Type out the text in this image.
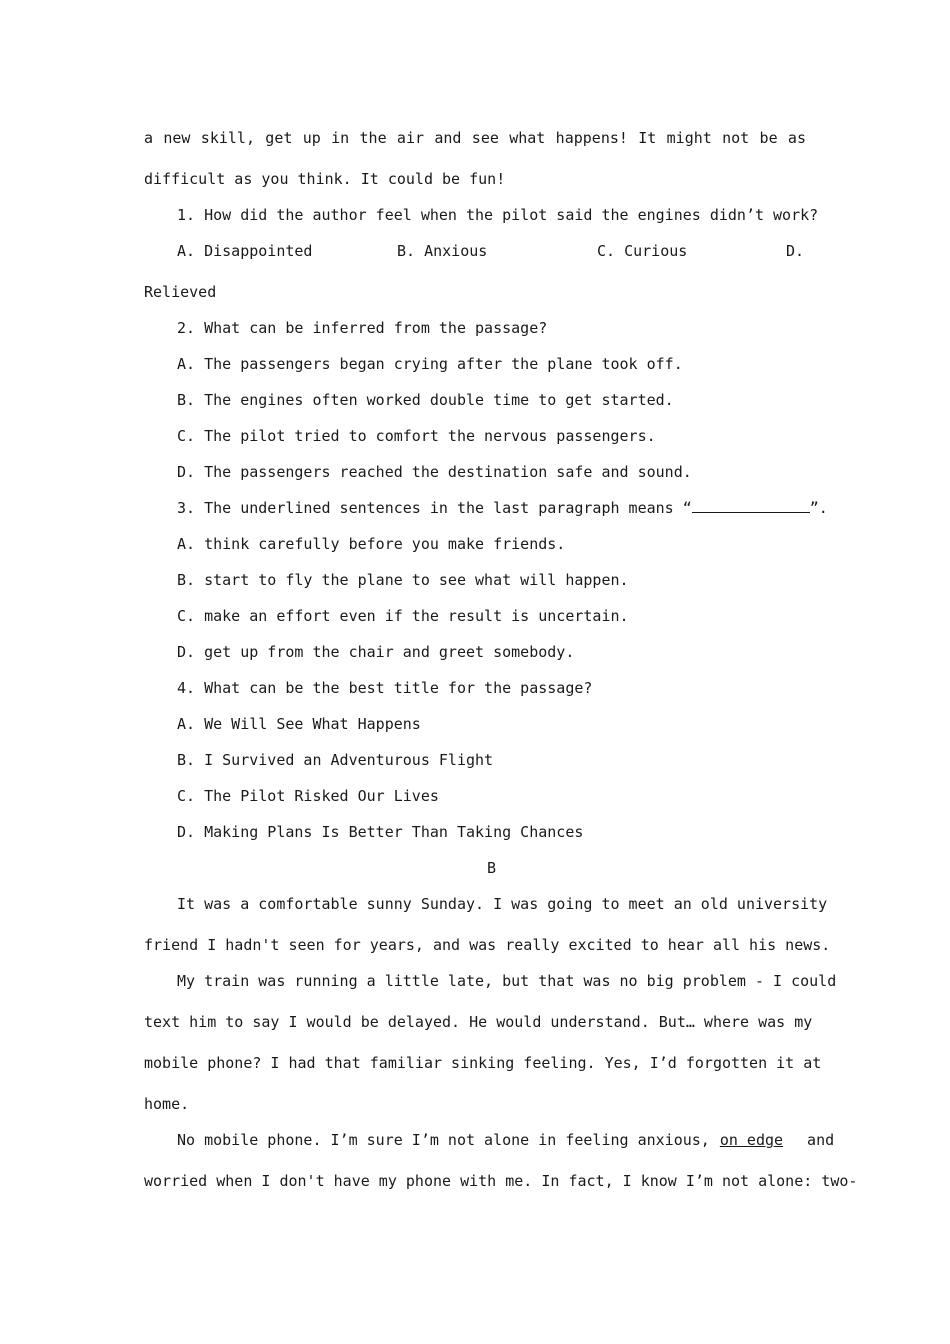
a new skill, get up in the air and see what happens! It might not be as
difficult as you think. It could be fun!
1. How did the author feel when the pilot said the engines didn’t work?
A. Disappointed	B. Anxious	C. Curious	D.
Relieved
2. What can be inferred from the passage?
A. The passengers began crying after the plane took off.
B. The engines often worked double time to get started.
C. The pilot tried to comfort the nervous passengers.
D. The passengers reached the destination safe and sound.
3. The underlined sentences in the last paragraph means “	”.
A. think carefully before you make friends.
B. start to fly the plane to see what will happen.
C. make an effort even if the result is uncertain.
D. get up from the chair and greet somebody.
4. What can be the best title for the passage?
A. We Will See What Happens
B. I Survived an Adventurous Flight
C. The Pilot Risked Our Lives
D. Making Plans Is Better Than Taking Chances
B
It was a comfortable sunny Sunday. I was going to meet an old university
friend I hadn't seen for years, and was really excited to hear all his news.
My train was running a little late, but that was no big problem - I could
text him to say I would be delayed. He would understand. But… where was my
mobile phone? I had that familiar sinking feeling. Yes, I’d forgotten it at
home.
No mobile phone. I’m sure I’m not alone in feeling anxious, on edge and
worried when I don't have my phone with me. In fact, I know I’m not alone: two-
